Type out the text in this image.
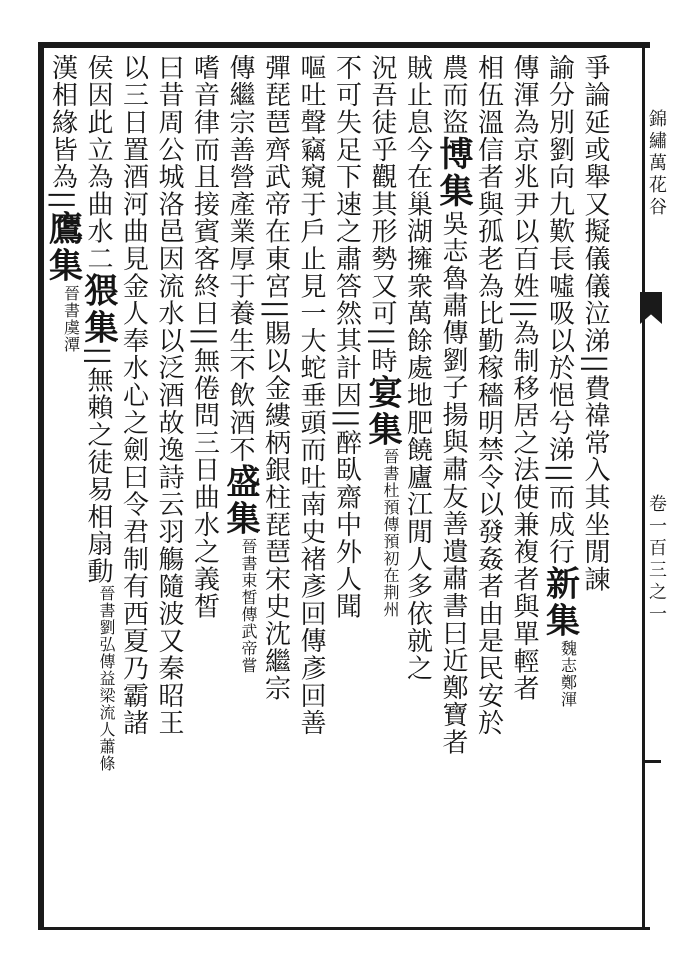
錦繡萬花谷
卷一百三之一
爭論延或舉又擬儀儀泣涕||費禕常入其坐閒諫
諭分別劉向九歎長噓吸以於悒兮涕||而成行新集魏志鄭渾
傳渾為京兆尹以百姓||為制移居之法使兼複者與單輕者
相伍溫信者與孤老為比勤稼穡明禁令以發姦者由是民安於
農而盜博集吳志魯肅傳劉子揚與肅友善遺肅書曰近鄭寶者
賊止息今在巢湖擁衆萬餘處地肥饒廬江閒人多依就之
況吾徒乎觀其形勢又可||時宴集晉書杜預傳預初在荆州
不可失足下速之肅答然其計因||醉臥齋中外人聞
嘔吐聲竊窺于戶止見一大蛇垂頭而吐南史褚彥回傳彥回善
彈琵琶齊武帝在東宮||賜以金縷柄銀柱琵琶宋史沈繼宗
傳繼宗善營產業厚于養生不飲酒不盛集晉書束皙傳武帝嘗
嗜音律而且接賓客終日||無倦問三日曲水之義皙
曰昔周公城洛邑因流水以泛酒故逸詩云羽觴隨波又秦昭王
以三日置酒河曲見金人奉水心之劍曰令君制有西夏乃霸諸
侯因此立為曲水二猥集||無賴之徒易相扇動晉書劉弘傳益梁流人蕭條
漢相緣皆為||鷹集晉書虞潭
